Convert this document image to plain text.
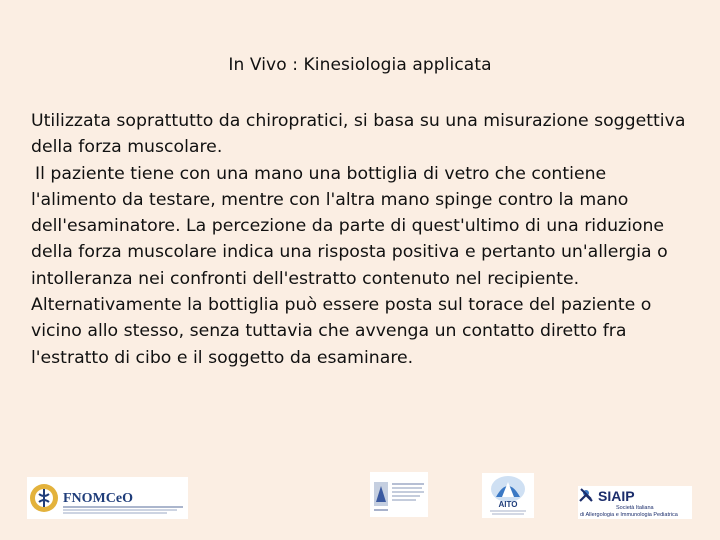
In Vivo : Kinesiologia applicata

Utilizzata soprattutto da chiropratici, si basa su una misurazione soggettiva della forza muscolare.

Il paziente tiene con una mano una bottiglia di vetro che contiene l'alimento da testare, mentre con l'altra mano spinge contro la mano dell'esaminatore. La percezione da parte di quest'ultimo di una riduzione della forza muscolare indica una risposta positiva e pertanto un'allergia o intolleranza nei confronti dell'estratto contenuto nel recipiente.

Alternativamente la bottiglia può essere posta sul torace del paziente o vicino allo stesso, senza tuttavia che avvenga un contatto diretto fra l'estratto di cibo e il soggetto da esaminare.

FNOMCeO	AITO
SIAIP
Società Italiana
di Allergologia e Immunologia Pediatrica
